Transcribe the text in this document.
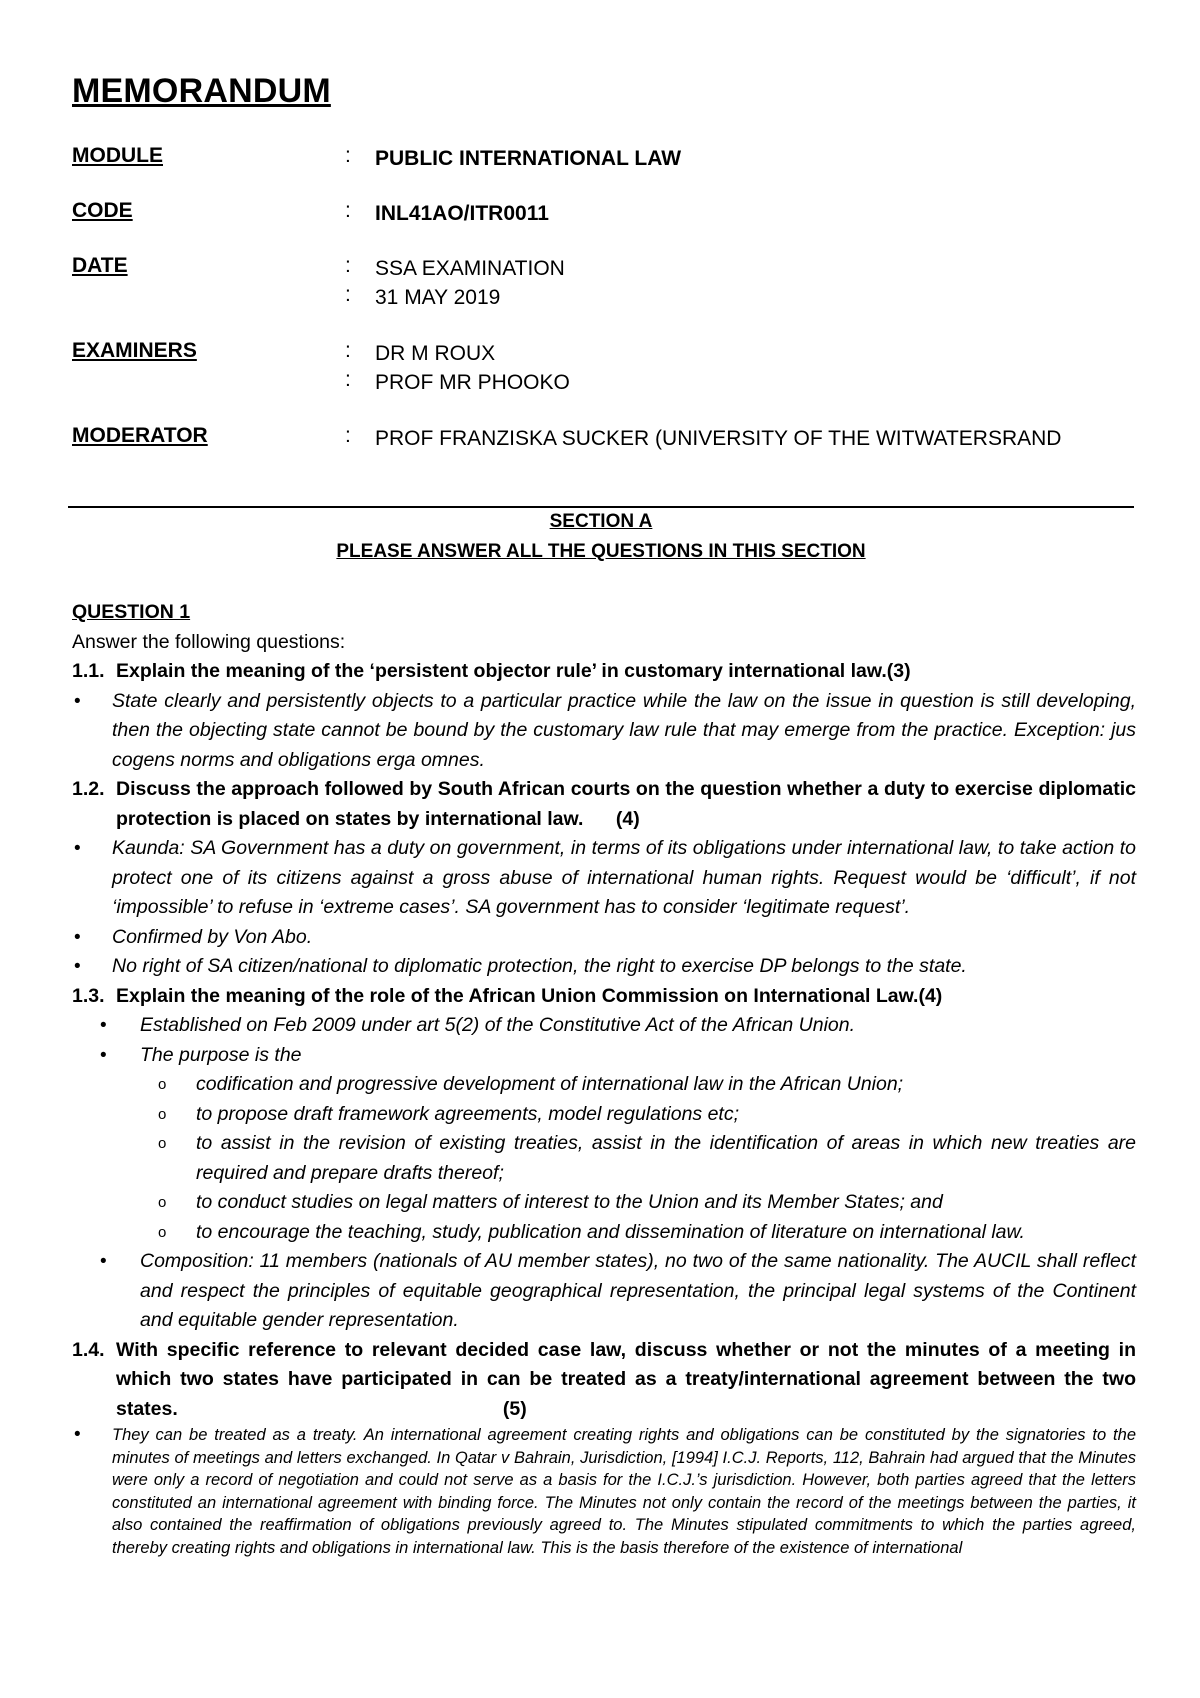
MEMORANDUM
MODULE	: PUBLIC INTERNATIONAL LAW
CODE	: INL41AO/ITR0011
DATE	: SSA EXAMINATION
: 31 MAY 2019
EXAMINERS	: DR M ROUX
: PROF MR PHOOKO
MODERATOR	: PROF FRANZISKA SUCKER (UNIVERSITY OF THE WITWATERSRAND
SECTION A
PLEASE ANSWER ALL THE QUESTIONS IN THIS SECTION

QUESTION 1

Answer the following questions:

1.1. Explain the meaning of the ‘persistent objector rule’ in customary international law.(3)

• State clearly and persistently objects to a particular practice while the law on the issue in question is still developing, then the objecting state cannot be bound by the customary law rule that may emerge from the practice. Exception: jus cogens norms and obligations erga omnes.

1.2. Discuss the approach followed by South African courts on the question whether a duty to exercise diplomatic protection is placed on states by international law. (4)

• Kaunda: SA Government has a duty on government, in terms of its obligations under international law, to take action to protect one of its citizens against a gross abuse of international human rights. Request would be ‘difficult’, if not ‘impossible’ to refuse in ‘extreme cases’. SA government has to consider ‘legitimate request’.
• Confirmed by Von Abo.
• No right of SA citizen/national to diplomatic protection, the right to exercise DP belongs to the state.

1.3. Explain the meaning of the role of the African Union Commission on International Law.(4)

• Established on Feb 2009 under art 5(2) of the Constitutive Act of the African Union.
• The purpose is the
o codification and progressive development of international law in the African Union;
o to propose draft framework agreements, model regulations etc;
o to assist in the revision of existing treaties, assist in the identification of areas in which new treaties are required and prepare drafts thereof;
o to conduct studies on legal matters of interest to the Union and its Member States; and
o to encourage the teaching, study, publication and dissemination of literature on international law.
• Composition: 11 members (nationals of AU member states), no two of the same nationality. The AUCIL shall reflect and respect the principles of equitable geographical representation, the principal legal systems of the Continent and equitable gender representation.

1.4. With specific reference to relevant decided case law, discuss whether or not the minutes of a meeting in which two states have participated in can be treated as a treaty/international agreement between the two states.	(5)

• They can be treated as a treaty. An international agreement creating rights and obligations can be constituted by the signatories to the minutes of meetings and letters exchanged. In Qatar v Bahrain, Jurisdiction, [1994] I.C.J. Reports, 112, Bahrain had argued that the Minutes were only a record of negotiation and could not serve as a basis for the I.C.J.’s jurisdiction. However, both parties agreed that the letters constituted an international agreement with binding force. The Minutes not only contain the record of the meetings between the parties, it also contained the reaffirmation of obligations previously agreed to. The Minutes stipulated commitments to which the parties agreed, thereby creating rights and obligations in international law. This is the basis therefore of the existence of international
